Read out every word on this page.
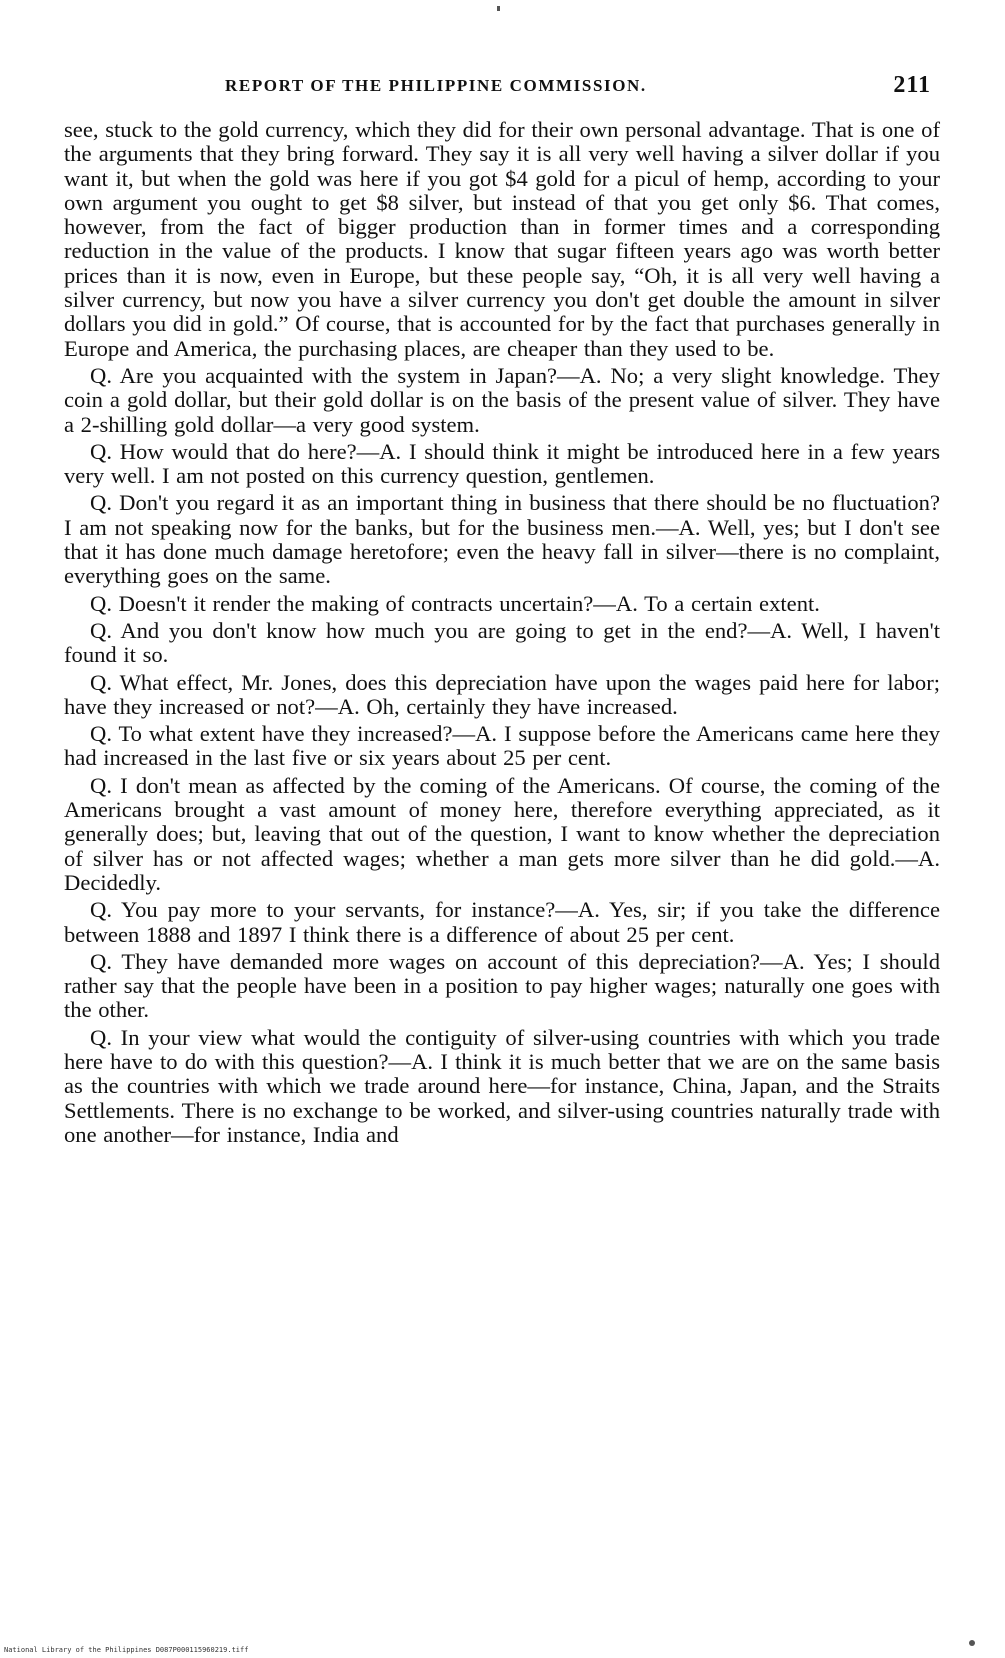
REPORT OF THE PHILIPPINE COMMISSION.	211

see, stuck to the gold currency, which they did for their own personal advantage. That is one of the arguments that they bring forward. They say it is all very well having a silver dollar if you want it, but when the gold was here if you got $4 gold for a picul of hemp, according to your own argument you ought to get $8 silver, but instead of that you get only $6. That comes, however, from the fact of bigger production than in former times and a corresponding reduction in the value of the products. I know that sugar fifteen years ago was worth better prices than it is now, even in Europe, but these people say, “Oh, it is all very well having a silver currency, but now you have a silver currency you don't get double the amount in silver dollars you did in gold.” Of course, that is accounted for by the fact that purchases generally in Europe and America, the purchasing places, are cheaper than they used to be.

Q. Are you acquainted with the system in Japan?—A. No; a very slight knowledge. They coin a gold dollar, but their gold dollar is on the basis of the present value of silver. They have a 2-shilling gold dollar—a very good system.

Q. How would that do here?—A. I should think it might be introduced here in a few years very well. I am not posted on this currency question, gentlemen.

Q. Don't you regard it as an important thing in business that there should be no fluctuation? I am not speaking now for the banks, but for the business men.—A. Well, yes; but I don't see that it has done much damage heretofore; even the heavy fall in silver—there is no complaint, everything goes on the same.

Q. Doesn't it render the making of contracts uncertain?—A. To a certain extent.

Q. And you don't know how much you are going to get in the end?—A. Well, I haven't found it so.

Q. What effect, Mr. Jones, does this depreciation have upon the wages paid here for labor; have they increased or not?—A. Oh, certainly they have increased.

Q. To what extent have they increased?—A. I suppose before the Americans came here they had increased in the last five or six years about 25 per cent.

Q. I don't mean as affected by the coming of the Americans. Of course, the coming of the Americans brought a vast amount of money here, therefore everything appreciated, as it generally does; but, leaving that out of the question, I want to know whether the depreciation of silver has or not affected wages; whether a man gets more silver than he did gold.—A. Decidedly.

Q. You pay more to your servants, for instance?—A. Yes, sir; if you take the difference between 1888 and 1897 I think there is a difference of about 25 per cent.

Q. They have demanded more wages on account of this depreciation?—A. Yes; I should rather say that the people have been in a position to pay higher wages; naturally one goes with the other.

Q. In your view what would the contiguity of silver-using countries with which you trade here have to do with this question?—A. I think it is much better that we are on the same basis as the countries with which we trade around here—for instance, China, Japan, and the Straits Settlements. There is no exchange to be worked, and silver-using countries naturally trade with one another—for instance, India and

National Library of the Philippines D087P000115960219.tiff
